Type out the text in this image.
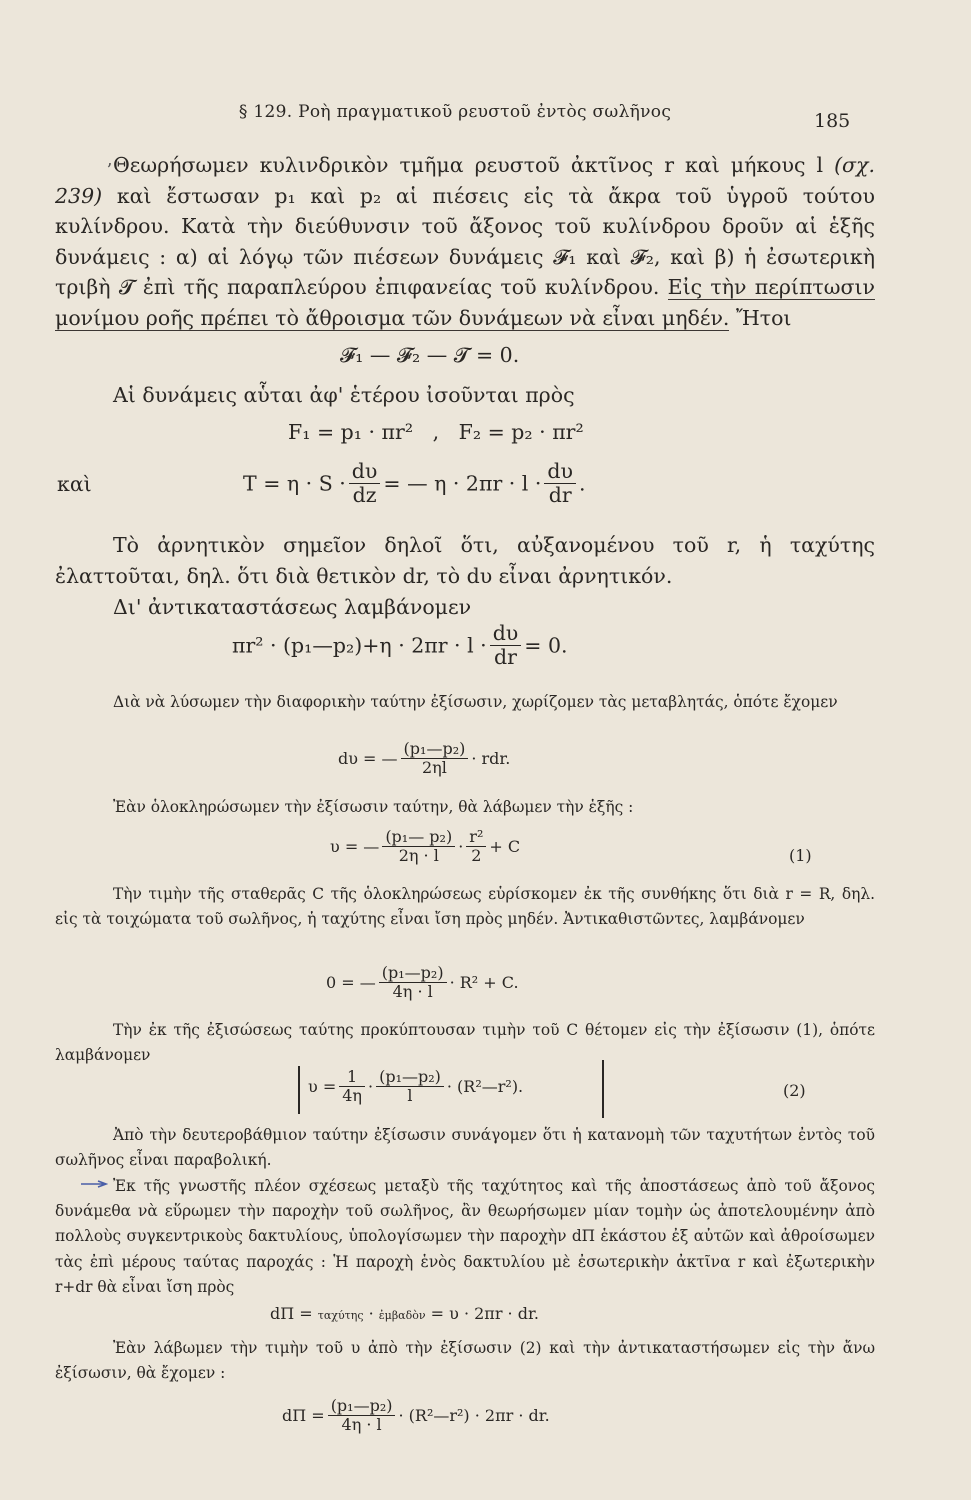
§ 129. Ροὴ πραγματικοῦ ρευστοῦ ἐντὸς σωλῆνος	185
ʼ Θεωρήσωμεν κυλινδρικὸν τμῆμα ρευστοῦ ἀκτῖνος r καὶ μήκους l (σχ. 239) καὶ ἔστωσαν p₁ καὶ p₂ αἱ πιέσεις εἰς τὰ ἄκρα τοῦ ὑγροῦ τούτου κυλίνδρου. Κατὰ τὴν διεύθυνσιν τοῦ ἄξονος τοῦ κυλίνδρου δροῦν αἱ ἑξῆς δυνάμεις : α) αἱ λόγῳ τῶν πιέσεων δυνάμεις 𝓕₁ καὶ 𝓕₂, καὶ β) ἡ ἐσωτερικὴ τριβὴ 𝓣 ἐπὶ τῆς παραπλεύρου ἐπιφανείας τοῦ κυλίνδρου. Εἰς τὴν περίπτωσιν μονίμου ροῆς πρέπει τὸ ἄθροισμα τῶν δυνάμεων νὰ εἶναι μηδέν. Ἤτοι

𝓕₁ — 𝓕₂ — 𝓣 = 0.

Αἱ δυνάμεις αὗται ἀφ' ἑτέρου ἰσοῦνται πρὸς

F₁ = p₁ · πr²   ,   F₂ = p₂ · πr²
καὶ	$T = \eta \cdot S \cdot \frac{d\upsilon}{dz}$ = — $\eta \cdot 2\pi r \cdot l \cdot \frac{d\upsilon}{dr}$ .

Τὸ ἀρνητικὸν σημεῖον δηλοῖ ὅτι, αὐξανομένου τοῦ r, ἡ ταχύτης ἐλαττοῦται, δηλ. ὅτι διὰ θετικὸν dr, τὸ dυ εἶναι ἀρνητικόν.

Δι' ἀντικαταστάσεως λαμβάνομεν

πr² · (p₁—p₂)+η · $2\pi r \cdot l \cdot \frac{d\upsilon}{dr} = 0$.

Διὰ νὰ λύσωμεν τὴν διαφορικὴν ταύτην ἐξίσωσιν, χωρίζομεν τὰς μεταβλητάς, ὁπότε ἔχομεν

dυ = — $\frac{\text{(p₁—p₂)}}{2\eta l}$ · rdr.

Ἐὰν ὁλοκληρώσωμεν τὴν ἐξίσωσιν ταύτην, θὰ λάβωμεν τὴν ἑξῆς :

υ = — $\frac{\text{(p₁— p₂)}}{2\eta \cdot l} \cdot \frac{\text{r²}}{2} + C$	(1)

Τὴν τιμὴν τῆς σταθερᾶς C τῆς ὁλοκληρώσεως εὑρίσκομεν ἐκ τῆς συνθήκης ὅτι διὰ r = R, δηλ. εἰς τὰ τοιχώματα τοῦ σωλῆνος, ἡ ταχύτης εἶναι ἴση πρὸς μηδέν. Ἀντικαθιστῶντες, λαμβάνομεν

0 = — $\frac{\text{(p₁—p₂)}}{4\eta \cdot l} \cdot R^2 + C$.

Τὴν ἐκ τῆς ἐξισώσεως ταύτης προκύπτουσαν τιμὴν τοῦ C θέτομεν εἰς τὴν ἐξίσωσιν (1), ὁπότε λαμβάνομεν

$\upsilon = \frac{1}{4\eta} \cdot \frac{\text{(p₁—p₂)}}{l}$ · (R²—r²).	(2)

Ἀπὸ τὴν δευτεροβάθμιον ταύτην ἐξίσωσιν συνάγομεν ὅτι ἡ κατανομὴ τῶν ταχυτήτων ἐντὸς τοῦ σωλῆνος εἶναι παραβολική.

Ἐκ τῆς γνωστῆς πλέον σχέσεως μεταξὺ τῆς ταχύτητος καὶ τῆς ἀποστάσεως ἀπὸ τοῦ ἄξονος δυνάμεθα νὰ εὕρωμεν τὴν παροχὴν τοῦ σωλῆνος, ἂν θεωρήσωμεν μίαν τομὴν ὡς ἀποτελουμένην ἀπὸ πολλοὺς συγκεντρικοὺς δακτυλίους, ὑπολογίσωμεν τὴν παροχὴν dΠ ἑκάστου ἐξ αὐτῶν καὶ ἀθροίσωμεν τὰς ἐπὶ μέρους ταύτας παροχάς : Ἡ παροχὴ ἑνὸς δακτυλίου μὲ ἐσωτερικὴν ἀκτῖνα r καὶ ἐξωτερικὴν r+dr θὰ εἶναι ἴση πρὸς

dΠ = ταχύτης · ἐμβαδὸν = υ · 2πr · dr.

Ἐὰν λάβωμεν τὴν τιμὴν τοῦ υ ἀπὸ τὴν ἐξίσωσιν (2) καὶ τὴν ἀντικαταστήσωμεν εἰς τὴν ἄνω ἐξίσωσιν, θὰ ἔχομεν :

$d\Pi = \frac{\text{(p₁—p₂)}}{4\eta \cdot l}$ · (R²—r²) · 2πr · dr.
